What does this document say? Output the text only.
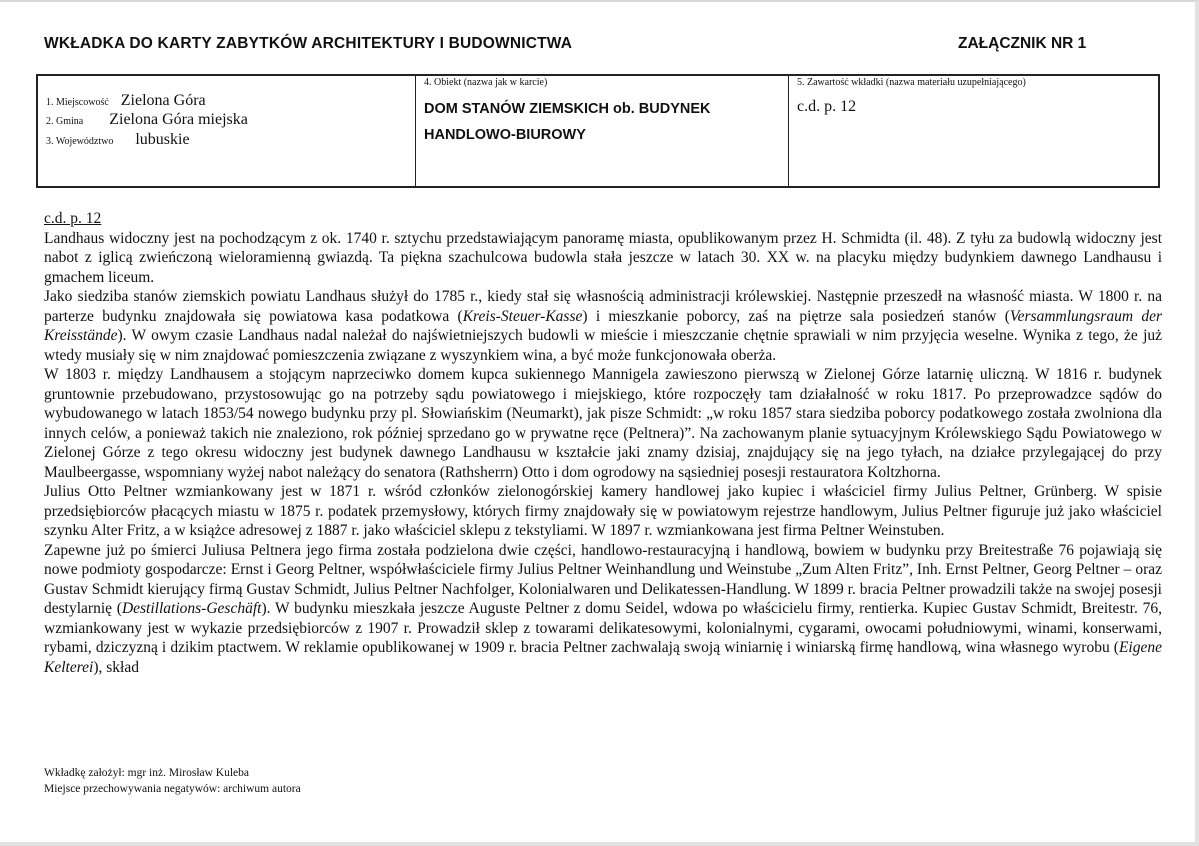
WKŁADKA DO KARTY ZABYTKÓW ARCHITEKTURY I BUDOWNICTWA	ZAŁĄCZNIK NR 1
1. Miejscowość Zielona Góra
2. Gmina Zielona Góra miejska
3. Województwo lubuskie
4. Obiekt (nazwa jak w karcie)
DOM STANÓW ZIEMSKICH ob. BUDYNEK HANDLOWO-BIUROWY
5. Zawartość wkładki (nazwa materiału uzupełniającego)
c.d. p. 12
c.d. p. 12

Landhaus widoczny jest na pochodzącym z ok. 1740 r. sztychu przedstawiającym panoramę miasta, opublikowanym przez H. Schmidta (il. 48). Z tyłu za budowlą widoczny jest nabot z iglicą zwieńczoną wieloramienną gwiazdą. Ta piękna szachulcowa budowla stała jeszcze w latach 30. XX w. na placyku między budynkiem dawnego Landhausu i gmachem liceum.

Jako siedziba stanów ziemskich powiatu Landhaus służył do 1785 r., kiedy stał się własnością administracji królewskiej. Następnie przeszedł na własność miasta. W 1800 r. na parterze budynku znajdowała się powiatowa kasa podatkowa (Kreis-Steuer-Kasse) i mieszkanie poborcy, zaś na piętrze sala posiedzeń stanów (Versammlungsraum der Kreisstände). W owym czasie Landhaus nadal należał do najświetniejszych budowli w mieście i mieszczanie chętnie sprawiali w nim przyjęcia weselne. Wynika z tego, że już wtedy musiały się w nim znajdować pomieszczenia związane z wyszynkiem wina, a być może funkcjonowała oberża.

W 1803 r. między Landhausem a stojącym naprzeciwko domem kupca sukiennego Mannigela zawieszono pierwszą w Zielonej Górze latarnię uliczną. W 1816 r. budynek gruntownie przebudowano, przystosowując go na potrzeby sądu powiatowego i miejskiego, które rozpoczęły tam działalność w roku 1817. Po przeprowadzce sądów do wybudowanego w latach 1853/54 nowego budynku przy pl. Słowiańskim (Neumarkt), jak pisze Schmidt: „w roku 1857 stara siedziba poborcy podatkowego została zwolniona dla innych celów, a ponieważ takich nie znaleziono, rok później sprzedano go w prywatne ręce (Peltnera)”. Na zachowanym planie sytuacyjnym Królewskiego Sądu Powiatowego w Zielonej Górze z tego okresu widoczny jest budynek dawnego Landhausu w kształcie jaki znamy dzisiaj, znajdujący się na jego tyłach, na działce przylegającej do przy Maulbeergasse, wspomniany wyżej nabot należący do senatora (Rathsherrn) Otto i dom ogrodowy na sąsiedniej posesji restauratora Koltzhorna.

Julius Otto Peltner wzmiankowany jest w 1871 r. wśród członków zielonogórskiej kamery handlowej jako kupiec i właściciel firmy Julius Peltner, Grünberg. W spisie przedsiębiorców płacących miastu w 1875 r. podatek przemysłowy, których firmy znajdowały się w powiatowym rejestrze handlowym, Julius Peltner figuruje już jako właściciel szynku Alter Fritz, a w książce adresowej z 1887 r. jako właściciel sklepu z tekstyliami. W 1897 r. wzmiankowana jest firma Peltner Weinstuben.

Zapewne już po śmierci Juliusa Peltnera jego firma została podzielona dwie części, handlowo-restauracyjną i handlową, bowiem w budynku przy Breitestraße 76 pojawiają się nowe podmioty gospodarcze: Ernst i Georg Peltner, współwłaściciele firmy Julius Peltner Weinhandlung und Weinstube „Zum Alten Fritz”, Inh. Ernst Peltner, Georg Peltner – oraz Gustav Schmidt kierujący firmą Gustav Schmidt, Julius Peltner Nachfolger, Kolonialwaren und Delikatessen-Handlung. W 1899 r. bracia Peltner prowadzili także na swojej posesji destylarnię (Destillations-Geschäft). W budynku mieszkała jeszcze Auguste Peltner z domu Seidel, wdowa po właścicielu firmy, rentierka. Kupiec Gustav Schmidt, Breitestr. 76, wzmiankowany jest w wykazie przedsiębiorców z 1907 r. Prowadził sklep z towarami delikatesowymi, kolonialnymi, cygarami, owocami południowymi, winami, konserwami, rybami, dziczyzną i dzikim ptactwem. W reklamie opublikowanej w 1909 r. bracia Peltner zachwalają swoją winiarnię i winiarską firmę handlową, wina własnego wyrobu (Eigene Kelterei), skład

Wkładkę założył: mgr inż. Mirosław Kuleba
Miejsce przechowywania negatywów: archiwum autora
